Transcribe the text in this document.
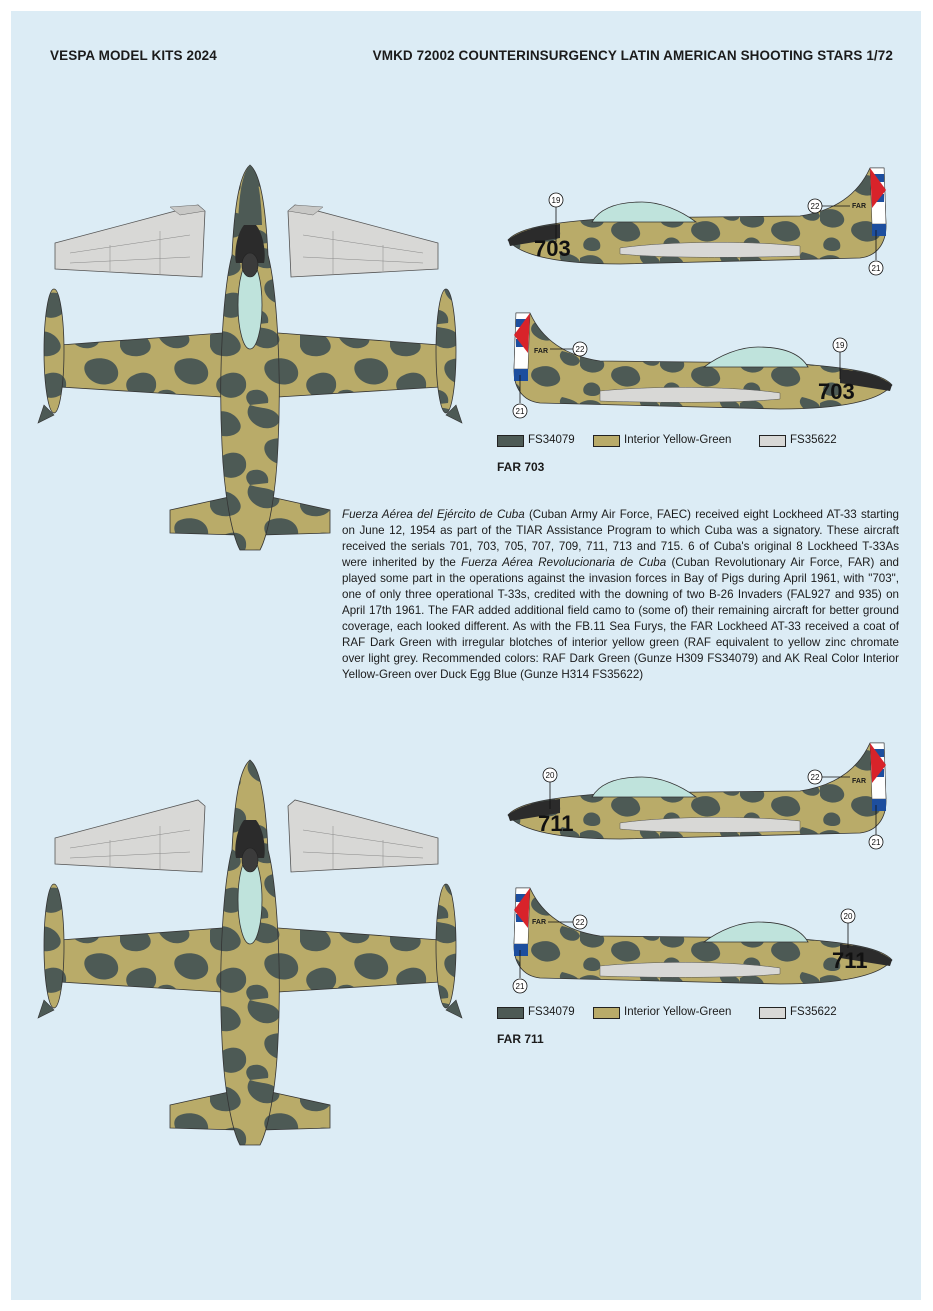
VESPA MODEL KITS 2024	VMKD 72002 COUNTERINSURGENCY LATIN AMERICAN SHOOTING STARS 1/72
FAR
703
19
22
21
FAR
703
19
22
21
FS34079	Interior Yellow-Green	FS35622
FAR 703
Fuerza Aérea del Ejército de Cuba (Cuban Army Air Force, FAEC) received eight Lockheed AT-33 starting on June 12, 1954 as part of the TIAR Assistance Program to which Cuba was a signatory. These aircraft received the serials 701, 703, 705, 707, 709, 711, 713 and 715. 6 of Cuba's original 8 Lockheed T-33As were inherited by the Fuerza Aérea Revolucionaria de Cuba (Cuban Revolutionary Air Force, FAR) and played some part in the operations against the invasion forces in Bay of Pigs during April 1961, with "703", one of only three operational T-33s, credited with the downing of two B-26 Invaders (FAL927 and 935) on April 17th 1961. The FAR added additional field camo to (some of) their remaining aircraft for better ground coverage, each looked different. As with the FB.11 Sea Furys, the FAR Lockheed AT-33 received a coat of RAF Dark Green with irregular blotches of interior yellow green (RAF equivalent to yellow zinc chromate over light grey. Recommended colors: RAF Dark Green (Gunze H309 FS34079) and AK Real Color Interior Yellow-Green over Duck Egg Blue (Gunze H314 FS35622)
FAR
711
20	22
21
FAR
711
20
22
21
FS34079	Interior Yellow-Green	FS35622
FAR 711
